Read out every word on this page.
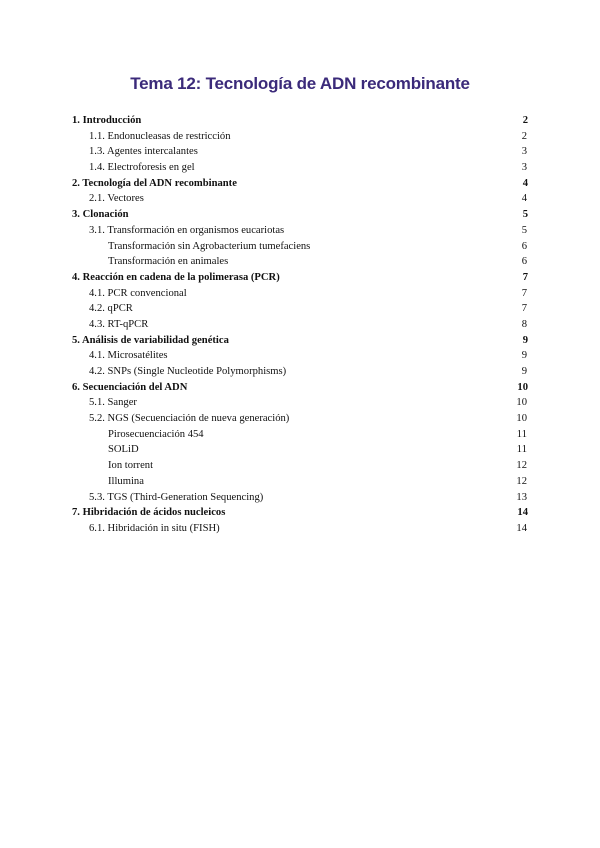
Tema 12: Tecnología de ADN recombinante
1. Introducción	2
1.1. Endonucleasas de restricción	2
1.3. Agentes intercalantes	3
1.4. Electroforesis en gel	3
2. Tecnología del ADN recombinante	4
2.1. Vectores	4
3. Clonación	5
3.1. Transformación en organismos eucariotas	5
Transformación sin Agrobacterium tumefaciens	6
Transformación en animales	6
4. Reacción en cadena de la polimerasa (PCR)	7
4.1. PCR convencional	7
4.2. qPCR	7
4.3. RT-qPCR	8
5. Análisis de variabilidad genética	9
4.1. Microsatélites	9
4.2. SNPs (Single Nucleotide Polymorphisms)	9
6. Secuenciación del ADN	10
5.1. Sanger	10
5.2. NGS (Secuenciación de nueva generación)	10
Pirosecuenciación 454	11
SOLiD	11
Ion torrent	12
Illumina	12
5.3. TGS (Third-Generation Sequencing)	13
7. Hibridación de ácidos nucleicos	14
6.1. Hibridación in situ (FISH)	14
